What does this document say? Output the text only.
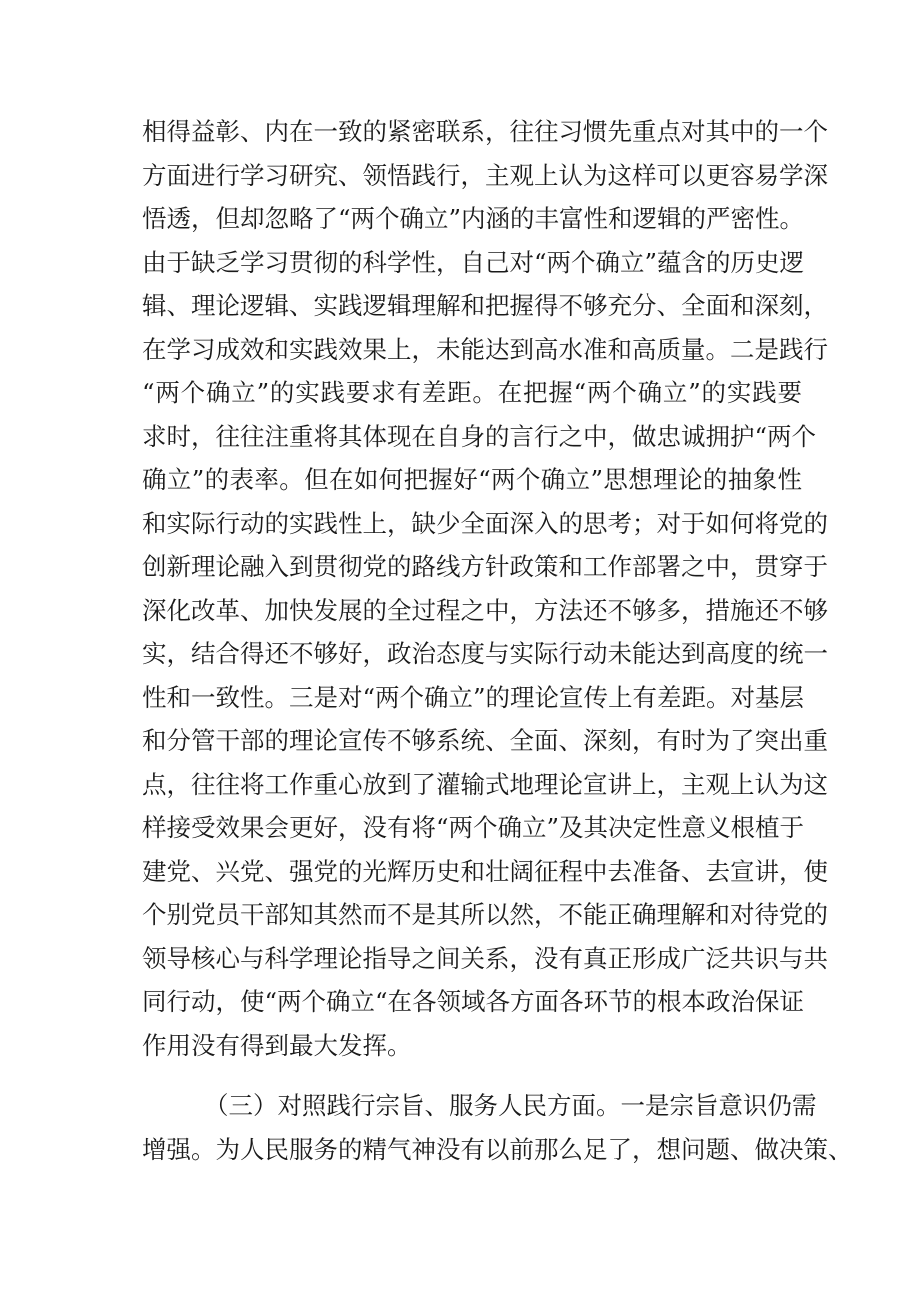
相得益彰、内在一致的紧密联系，往往习惯先重点对其中的一个
方面进行学习研究、领悟践行，主观上认为这样可以更容易学深
悟透，但却忽略了“两个确立”内涵的丰富性和逻辑的严密性。
由于缺乏学习贯彻的科学性，自己对“两个确立”蕴含的历史逻
辑、理论逻辑、实践逻辑理解和把握得不够充分、全面和深刻，
在学习成效和实践效果上，未能达到高水准和高质量。二是践行
“两个确立”的实践要求有差距。在把握“两个确立”的实践要
求时，往往注重将其体现在自身的言行之中，做忠诚拥护“两个
确立”的表率。但在如何把握好“两个确立”思想理论的抽象性
和实际行动的实践性上，缺少全面深入的思考；对于如何将党的
创新理论融入到贯彻党的路线方针政策和工作部署之中，贯穿于
深化改革、加快发展的全过程之中，方法还不够多，措施还不够
实，结合得还不够好，政治态度与实际行动未能达到高度的统一
性和一致性。三是对“两个确立”的理论宣传上有差距。对基层
和分管干部的理论宣传不够系统、全面、深刻，有时为了突出重
点，往往将工作重心放到了灌输式地理论宣讲上，主观上认为这
样接受效果会更好，没有将“两个确立”及其决定性意义根植于
建党、兴党、强党的光辉历史和壮阔征程中去准备、去宣讲，使
个别党员干部知其然而不是其所以然，不能正确理解和对待党的
领导核心与科学理论指导之间关系，没有真正形成广泛共识与共
同行动，使“两个确立“在各领域各方面各环节的根本政治保证
作用没有得到最大发挥。
（三）对照践行宗旨、服务人民方面。一是宗旨意识仍需
增强。为人民服务的精气神没有以前那么足了，想问题、做决策、
